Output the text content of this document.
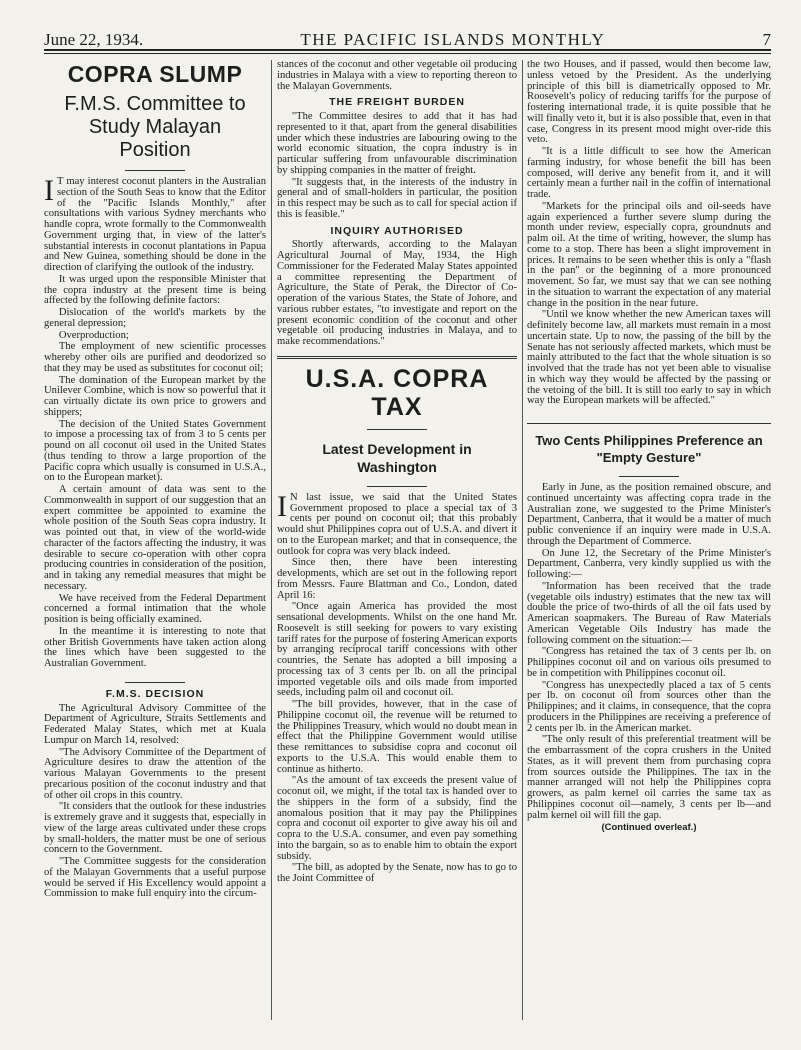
June 22, 1934.	THE PACIFIC ISLANDS MONTHLY	7
COPRA SLUMP
F.M.S. Committee to Study Malayan Position

I T may interest coconut planters in the Australian section of the South Seas to know that the Editor of the "Pacific Islands Monthly," after consultations with various Sydney merchants who handle copra, wrote formally to the Commonwealth Government urging that, in view of the latter's substantial interests in coconut plantations in Papua and New Guinea, something should be done in the direction of clarifying the outlook of the industry.

It was urged upon the responsible Minister that the copra industry at the present time is being affected by the following definite factors:

Dislocation of the world's markets by the general depression;

Overproduction;

The employment of new scientific processes whereby other oils are purified and deodorized so that they may be used as substitutes for coconut oil;

The domination of the European market by the Unilever Combine, which is now so powerful that it can virtually dictate its own price to growers and shippers;

The decision of the United States Government to impose a processing tax of from 3 to 5 cents per pound on all coconut oil used in the United States (thus tending to throw a large proportion of the Pacific copra which usually is consumed in U.S.A., on to the European market).

A certain amount of data was sent to the Commonwealth in support of our suggestion that an expert committee be appointed to examine the whole position of the South Seas copra industry. It was pointed out that, in view of the world-wide character of the factors affecting the industry, it was desirable to secure co-operation with other copra producing countries in consideration of the position, and in taking any remedial measures that might be necessary.

We have received from the Federal Department concerned a formal intimation that the whole position is being officially examined.

In the meantime it is interesting to note that other British Governments have taken action along the lines which have been suggested to the Australian Government.

F.M.S. DECISION

The Agricultural Advisory Committee of the Department of Agriculture, Straits Settlements and Federated Malay States, which met at Kuala Lumpur on March 14, resolved:

"The Advisory Committee of the Department of Agriculture desires to draw the attention of the various Malayan Governments to the present precarious position of the coconut industry and that of other oil crops in this country.

"It considers that the outlook for these industries is extremely grave and it suggests that, especially in view of the large areas cultivated under these crops by small-holders, the matter must be one of serious concern to the Government.

"The Committee suggests for the consideration of the Malayan Governments that a useful purpose would be served if His Excellency would appoint a Commission to make full enquiry into the circum-

stances of the coconut and other vegetable oil producing industries in Malaya with a view to reporting thereon to the Malayan Governments.

THE FREIGHT BURDEN

"The Committee desires to add that it has had represented to it that, apart from the general disabilities under which these industries are labouring owing to the world economic situation, the copra industry is in particular suffering from unfavourable discrimination by shipping companies in the matter of freight.

"It suggests that, in the interests of the industry in general and of small-holders in particular, the position in this respect may be such as to call for special action if this is feasible."

INQUIRY AUTHORISED

Shortly afterwards, according to the Malayan Agricultural Journal of May, 1934, the High Commissioner for the Federated Malay States appointed a committee representing the Department of Agriculture, the State of Perak, the Director of Co-operation of the various States, the State of Johore, and various rubber estates, "to investigate and report on the present economic condition of the coconut and other vegetable oil producing industries in Malaya, and to make recommendations."

U.S.A. COPRA TAX
Latest Development in Washington

I N last issue, we said that the United States Government proposed to place a special tax of 3 cents per pound on coconut oil; that this probably would shut Philippines copra out of U.S.A. and divert it on to the European market; and that in consequence, the outlook for copra was very black indeed.

Since then, there have been interesting developments, which are set out in the following report from Messrs. Faure Blattman and Co., London, dated April 16:

"Once again America has provided the most sensational developments. Whilst on the one hand Mr. Roosevelt is still seeking for powers to vary existing tariff rates for the purpose of fostering American exports by arranging reciprocal tariff concessions with other countries, the Senate has adopted a bill imposing a processing tax of 3 cents per lb. on all the principal imported vegetable oils and oils made from imported seeds, including palm oil and coconut oil.

"The bill provides, however, that in the case of Philippine coconut oil, the revenue will be returned to the Philippines Treasury, which would no doubt mean in effect that the Philippine Government would utilise these remittances to subsidise copra and coconut oil exports to the U.S.A. This would enable them to continue as hitherto.

"As the amount of tax exceeds the present value of coconut oil, we might, if the total tax is handed over to the shippers in the form of a subsidy, find the anomalous position that it may pay the Philippines copra and coconut oil exporter to give away his oil and copra to the U.S.A. consumer, and even pay something into the bargain, so as to enable him to obtain the export subsidy.

"The bill, as adopted by the Senate, now has to go to the Joint Committee of

the two Houses, and if passed, would then become law, unless vetoed by the President. As the underlying principle of this bill is diametrically opposed to Mr. Roosevelt's policy of reducing tariffs for the purpose of fostering international trade, it is quite possible that he will finally veto it, but it is also possible that, even in that case, Congress in its present mood might over-ride this veto.

"It is a little difficult to see how the American farming industry, for whose benefit the bill has been composed, will derive any benefit from it, and it will certainly mean a further nail in the coffin of international trade.

"Markets for the principal oils and oil-seeds have again experienced a further severe slump during the month under review, especially copra, groundnuts and palm oil. At the time of writing, however, the slump has come to a stop. There has been a slight improvement in prices. It remains to be seen whether this is only a "flash in the pan" or the beginning of a more pronounced movement. So far, we must say that we can see nothing in the situation to warrant the expectation of any material change in the position in the near future.

"Until we know whether the new American taxes will definitely become law, all markets must remain in a most uncertain state. Up to now, the passing of the bill by the Senate has not seriously affected markets, which must be mainly attributed to the fact that the whole situation is so involved that the trade has not yet been able to visualise in which way they would be affected by the passing or the vetoing of the bill. It is still too early to say in which way the European markets will be affected."

Two Cents Philippines Preference an "Empty Gesture"

Early in June, as the position remained obscure, and continued uncertainty was affecting copra trade in the Australian zone, we suggested to the Prime Minister's Department, Canberra, that it would be a matter of much public convenience if an inquiry were made in U.S.A. through the Department of Commerce.

On June 12, the Secretary of the Prime Minister's Department, Canberra, very kindly supplied us with the following:—

"Information has been received that the trade (vegetable oils industry) estimates that the new tax will double the price of two-thirds of all the oil fats used by American soapmakers. The Bureau of Raw Materials American Vegetable Oils Industry has made the following comment on the situation:—

"Congress has retained the tax of 3 cents per lb. on Philippines coconut oil and on various oils presumed to be in competition with Philippines coconut oil.

"Congress has unexpectedly placed a tax of 5 cents per lb. on coconut oil from sources other than the Philippines; and it claims, in consequence, that the copra producers in the Philippines are receiving a preference of 2 cents per lb. in the American market.

"The only result of this preferential treatment will be the embarrassment of the copra crushers in the United States, as it will prevent them from purchasing copra from sources outside the Philippines. The tax in the manner arranged will not help the Philippines copra growers, as palm kernel oil carries the same tax as Philippines coconut oil—namely, 3 cents per lb—and palm kernel oil will fill the gap.

(Continued overleaf.)
